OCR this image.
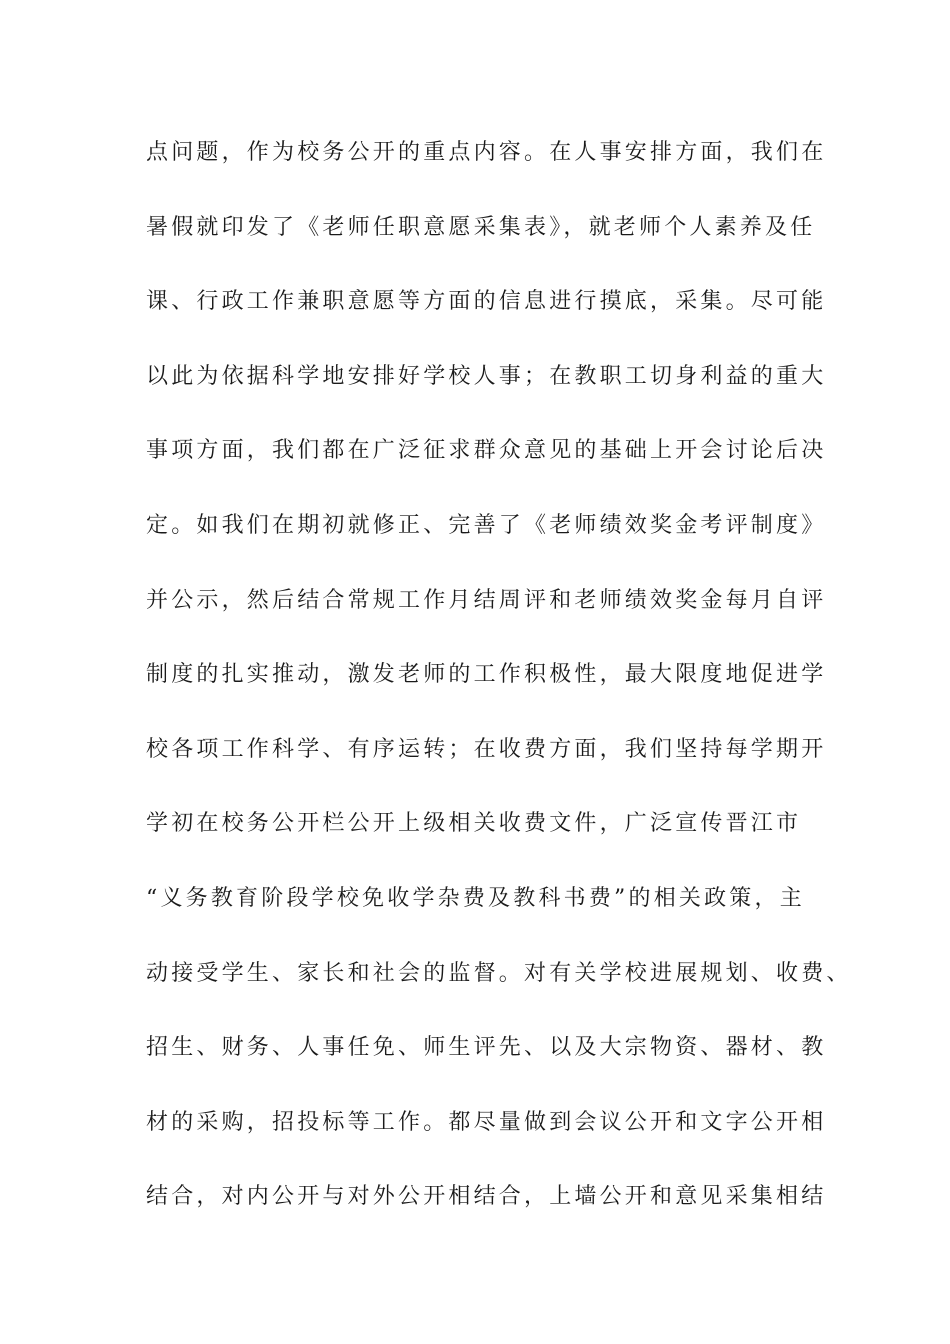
点问题，作为校务公开的重点内容。在人事安排方面，我们在
暑假就印发了《老师任职意愿采集表》，就老师个人素养及任
课、行政工作兼职意愿等方面的信息进行摸底，采集。尽可能
以此为依据科学地安排好学校人事；在教职工切身利益的重大
事项方面，我们都在广泛征求群众意见的基础上开会讨论后决
定。如我们在期初就修正、完善了《老师绩效奖金考评制度》
并公示，然后结合常规工作月结周评和老师绩效奖金每月自评
制度的扎实推动，激发老师的工作积极性，最大限度地促进学
校各项工作科学、有序运转；在收费方面，我们坚持每学期开
学初在校务公开栏公开上级相关收费文件，广泛宣传晋江市
“义务教育阶段学校免收学杂费及教科书费”的相关政策，主
动接受学生、家长和社会的监督。对有关学校进展规划、收费、
招生、财务、人事任免、师生评先、以及大宗物资、器材、教
材的采购，招投标等工作。都尽量做到会议公开和文字公开相
结合，对内公开与对外公开相结合，上墙公开和意见采集相结
